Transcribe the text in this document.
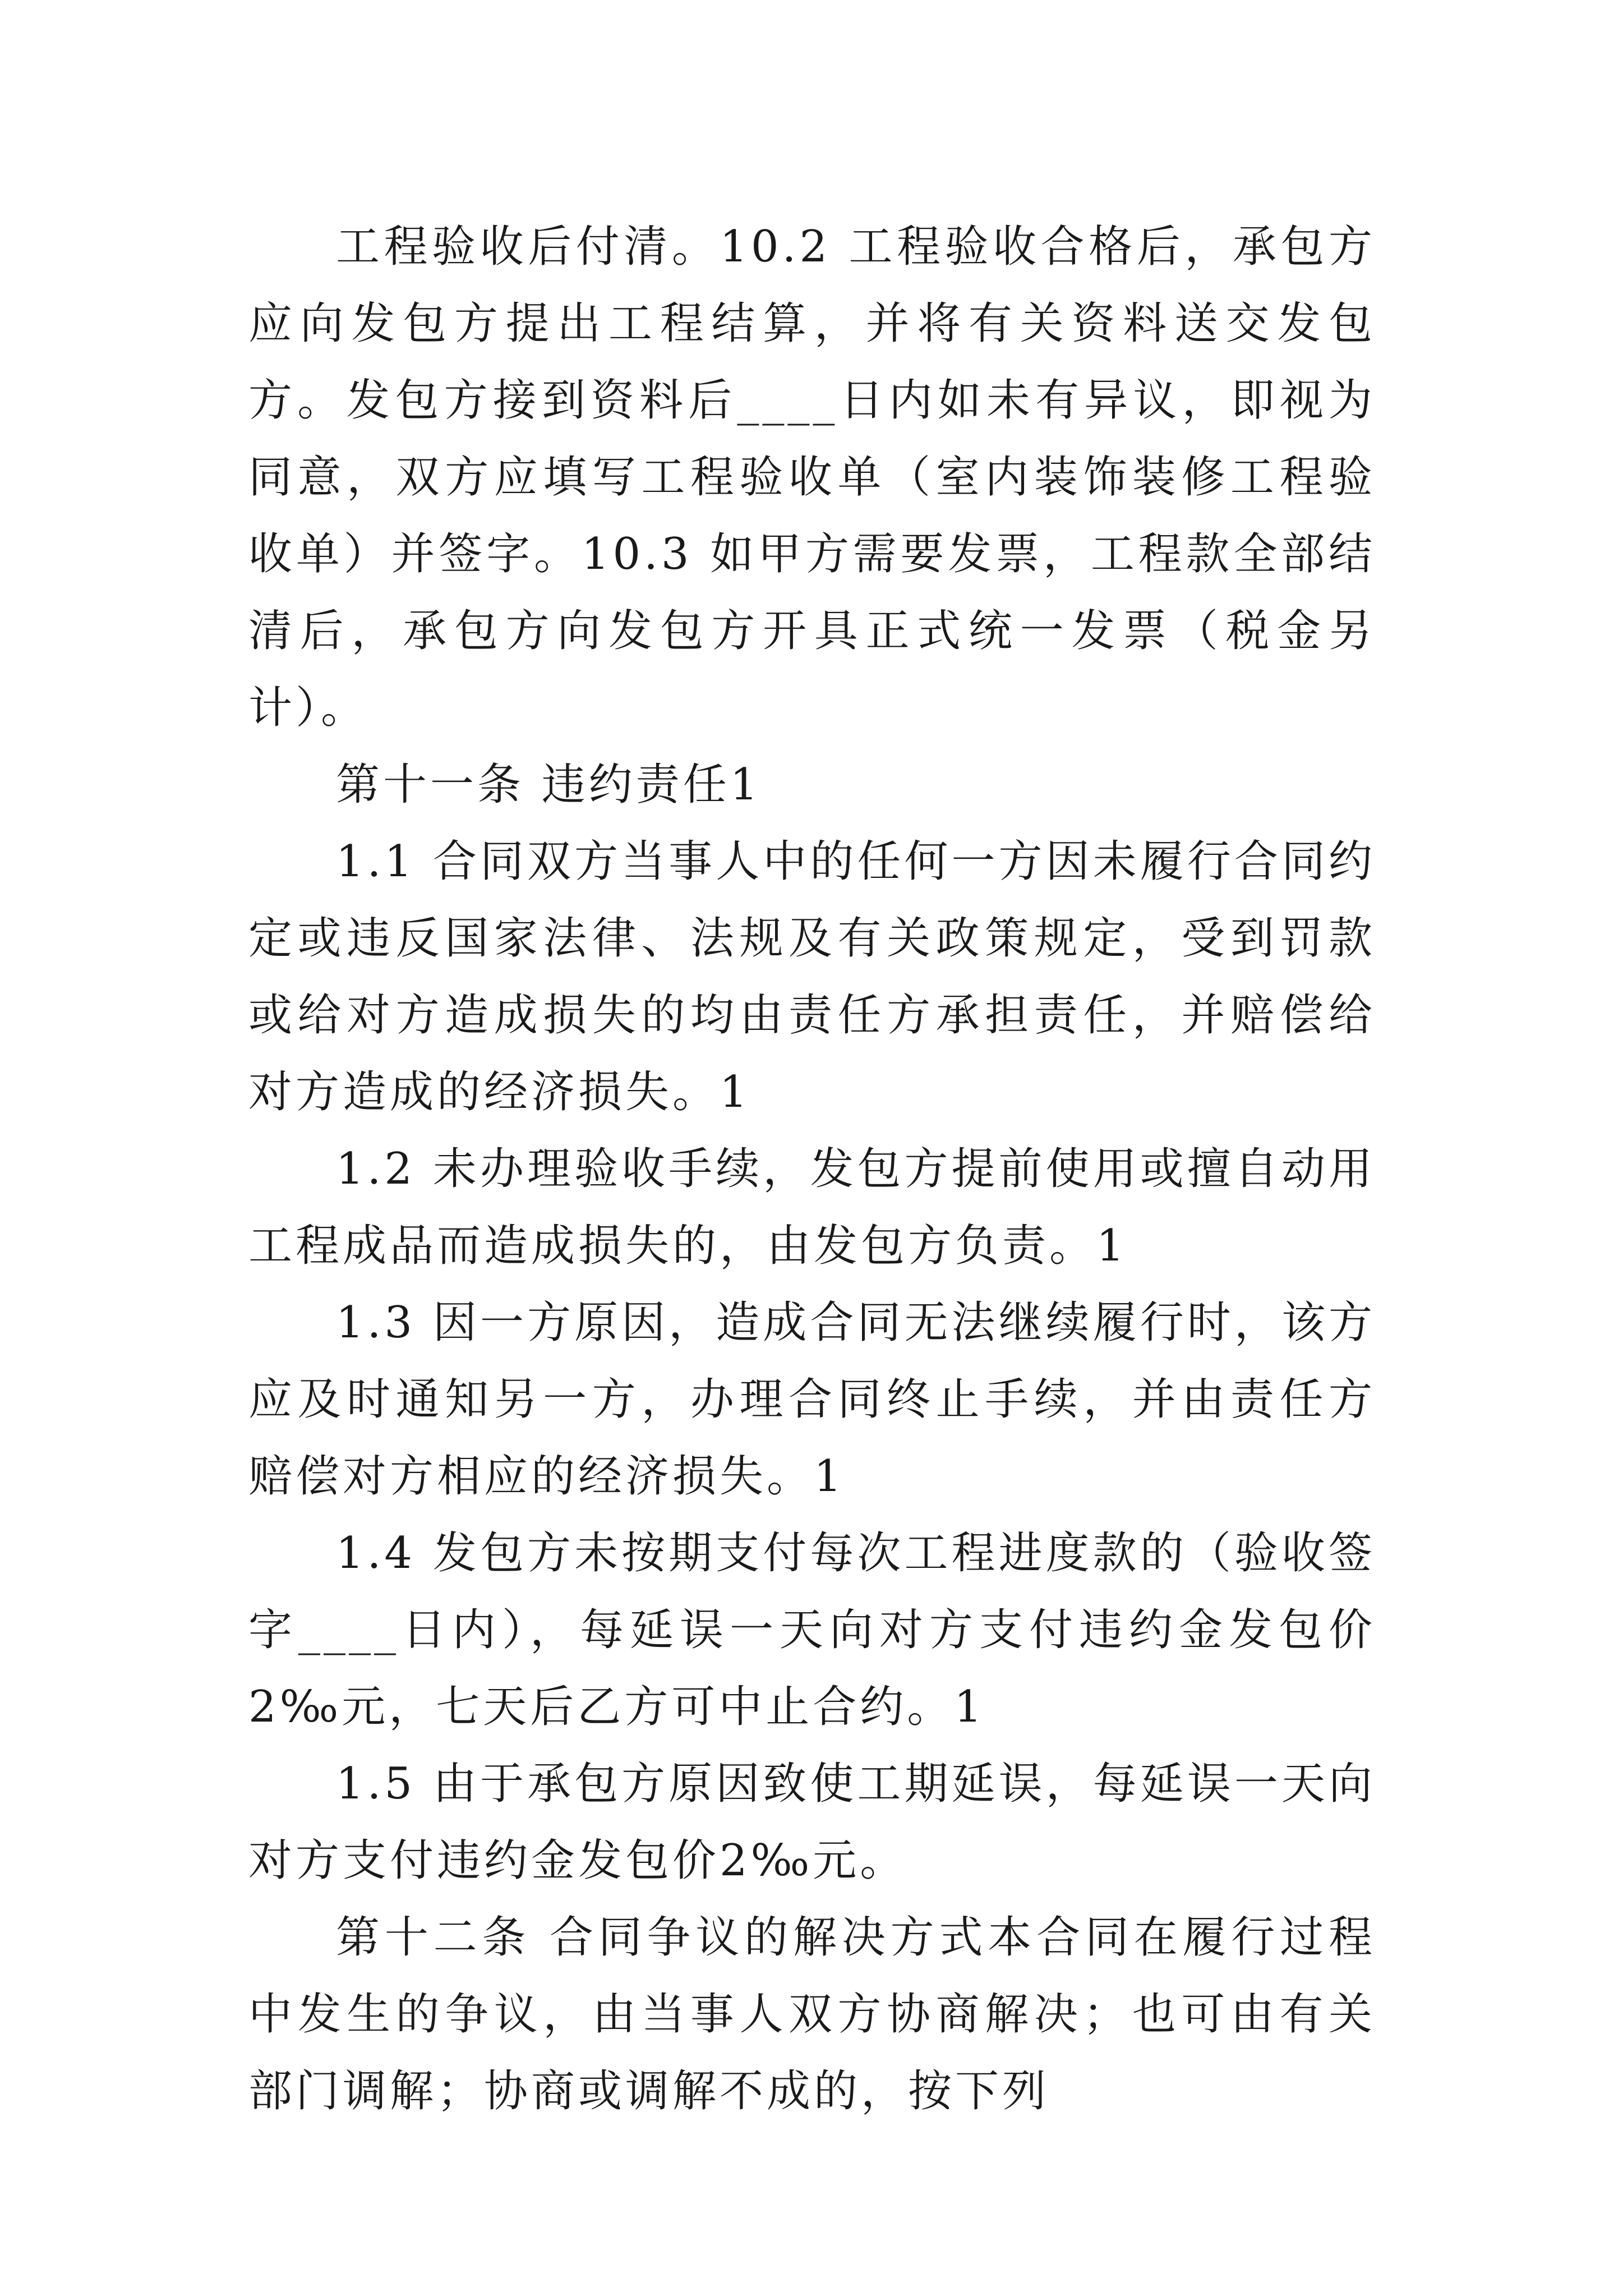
工程验收后付清。10.2 工程验收合格后，承包方应向发包方提出工程结算，并将有关资料送交发包方。发包方接到资料后____日内如未有异议，即视为同意，双方应填写工程验收单（室内装饰装修工程验收单）并签字。10.3 如甲方需要发票，工程款全部结清后，承包方向发包方开具正式统一发票（税金另计）。

第十一条 违约责任1

1.1 合同双方当事人中的任何一方因未履行合同约定或违反国家法律、法规及有关政策规定，受到罚款或给对方造成损失的均由责任方承担责任，并赔偿给对方造成的经济损失。1

1.2 未办理验收手续，发包方提前使用或擅自动用工程成品而造成损失的，由发包方负责。1

1.3 因一方原因，造成合同无法继续履行时，该方应及时通知另一方，办理合同终止手续，并由责任方赔偿对方相应的经济损失。1

1.4 发包方未按期支付每次工程进度款的（验收签字____日内），每延误一天向对方支付违约金发包价2‰元，七天后乙方可中止合约。1

1.5 由于承包方原因致使工期延误，每延误一天向对方支付违约金发包价2‰元。

第十二条 合同争议的解决方式本合同在履行过程中发生的争议，由当事人双方协商解决；也可由有关部门调解；协商或调解不成的，按下列
